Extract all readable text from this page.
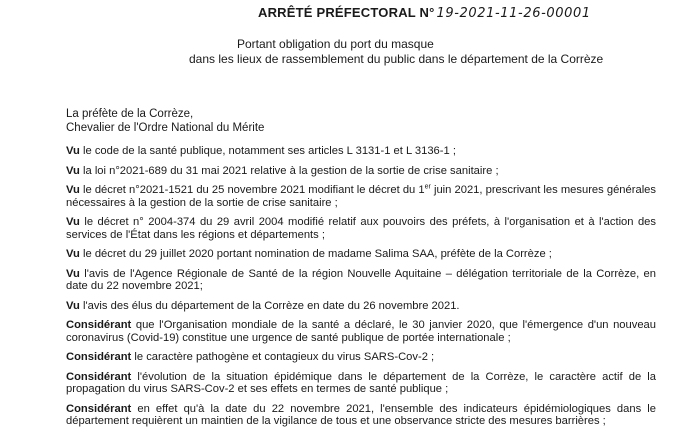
ARRÊTÉ PRÉFECTORAL N° 19-2021-11-26-00001
Portant obligation du port du masque
dans les lieux de rassemblement du public dans le département de la Corrèze
La préfète de la Corrèze,
Chevalier de l'Ordre National du Mérite

Vu le code de la santé publique, notamment ses articles L 3131-1 et L 3136-1 ;

Vu la loi n°2021-689 du 31 mai 2021 relative à la gestion de la sortie de crise sanitaire ;

Vu le décret n°2021-1521 du 25 novembre 2021 modifiant le décret du 1er juin 2021, prescrivant les mesures générales nécessaires à la gestion de la sortie de crise sanitaire ;

Vu le décret n° 2004-374 du 29 avril 2004 modifié relatif aux pouvoirs des préfets, à l'organisation et à l'action des services de l'État dans les régions et départements ;

Vu le décret du 29 juillet 2020 portant nomination de madame Salima SAA, préfète de la Corrèze ;

Vu l'avis de l'Agence Régionale de Santé de la région Nouvelle Aquitaine – délégation territoriale de la Corrèze, en date du 22 novembre 2021;

Vu l'avis des élus du département de la Corrèze en date du 26 novembre 2021.

Considérant que l'Organisation mondiale de la santé a déclaré, le 30 janvier 2020, que l'émergence d'un nouveau coronavirus (Covid-19) constitue une urgence de santé publique de portée internationale ;

Considérant le caractère pathogène et contagieux du virus SARS-Cov-2 ;

Considérant l'évolution de la situation épidémique dans le département de la Corrèze, le caractère actif de la propagation du virus SARS-Cov-2 et ses effets en termes de santé publique ;

Considérant en effet qu'à la date du 22 novembre 2021, l'ensemble des indicateurs épidémiologiques dans le département requièrent un maintien de la vigilance de tous et une observance stricte des mesures barrières ;
